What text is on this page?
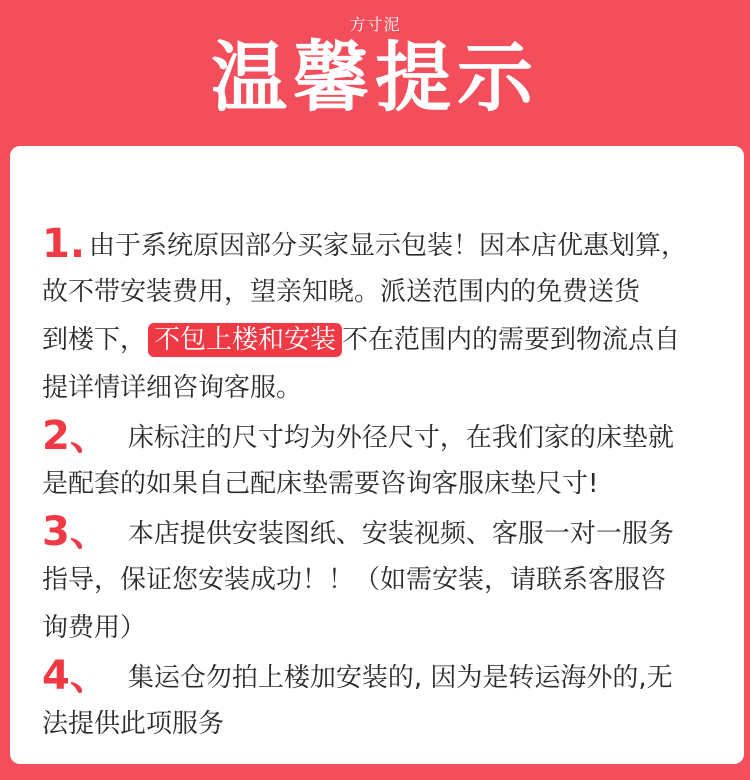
方寸泥
温馨提示
1. 由于系统原因部分买家显示包装！因本店优惠划算，
故不带安装费用，望亲知晓。派送范围内的免费送货
到楼下， 不包上楼和安装 不在范围内的需要到物流点自
提详情详细咨询客服。
2、 床标注的尺寸均为外径尺寸，在我们家的床垫就
是配套的如果自己配床垫需要咨询客服床垫尺寸!
3、 本店提供安装图纸、安装视频、客服一对一服务
指导，保证您安装成功！！（如需安装，请联系客服咨
询费用）
4、 集运仓勿拍上楼加安装的, 因为是转运海外的,无
法提供此项服务
